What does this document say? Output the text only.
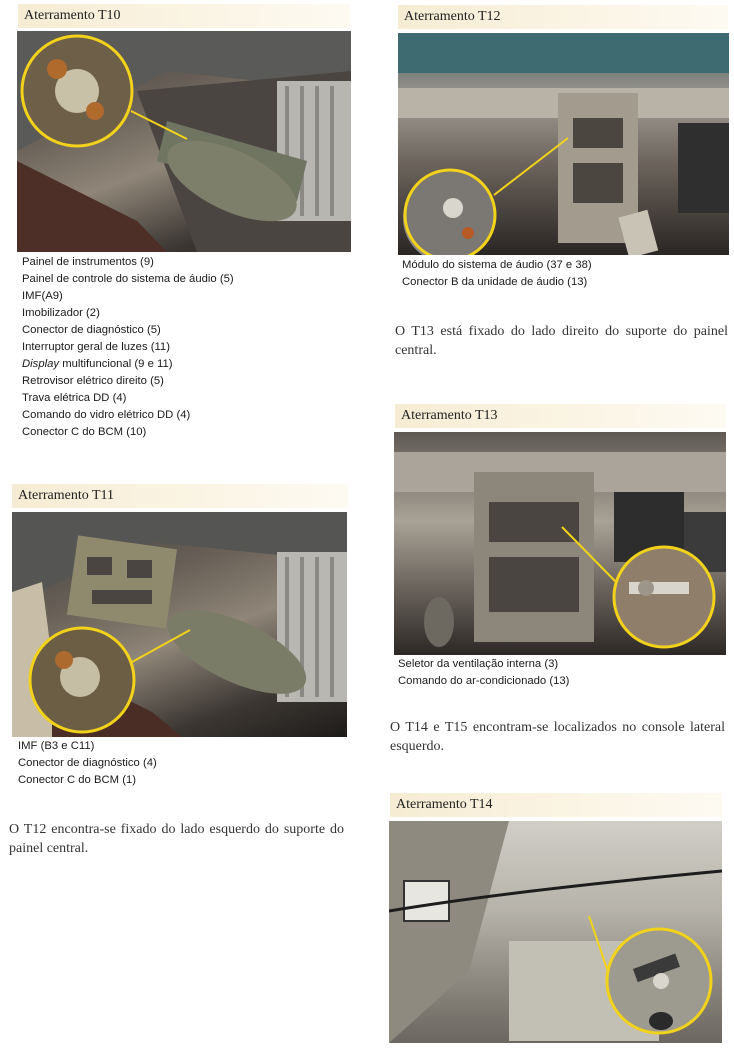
Aterramento T10
Painel de instrumentos (9)
Painel de controle do sistema de áudio (5)
IMF(A9)
Imobilizador (2)
Conector de diagnóstico (5)
Interruptor geral de luzes (11)
Display multifuncional (9 e 11)
Retrovisor elétrico direito (5)
Trava elétrica DD (4)
Comando do vidro elétrico DD (4)
Conector C do BCM (10)
Aterramento T11
IMF (B3 e C11)
Conector de diagnóstico (4)
Conector C do BCM (1)
O T12 encontra-se fixado do lado esquerdo do suporte do painel central.
Aterramento T12
Módulo do sistema de áudio (37 e 38)
Conector B da unidade de áudio (13)
O T13 está fixado do lado direito do suporte do painel central.
Aterramento T13
Seletor da ventilação interna (3)
Comando do ar-condicionado (13)
O T14 e T15 encontram-se localizados no console lateral esquerdo.
Aterramento T14
